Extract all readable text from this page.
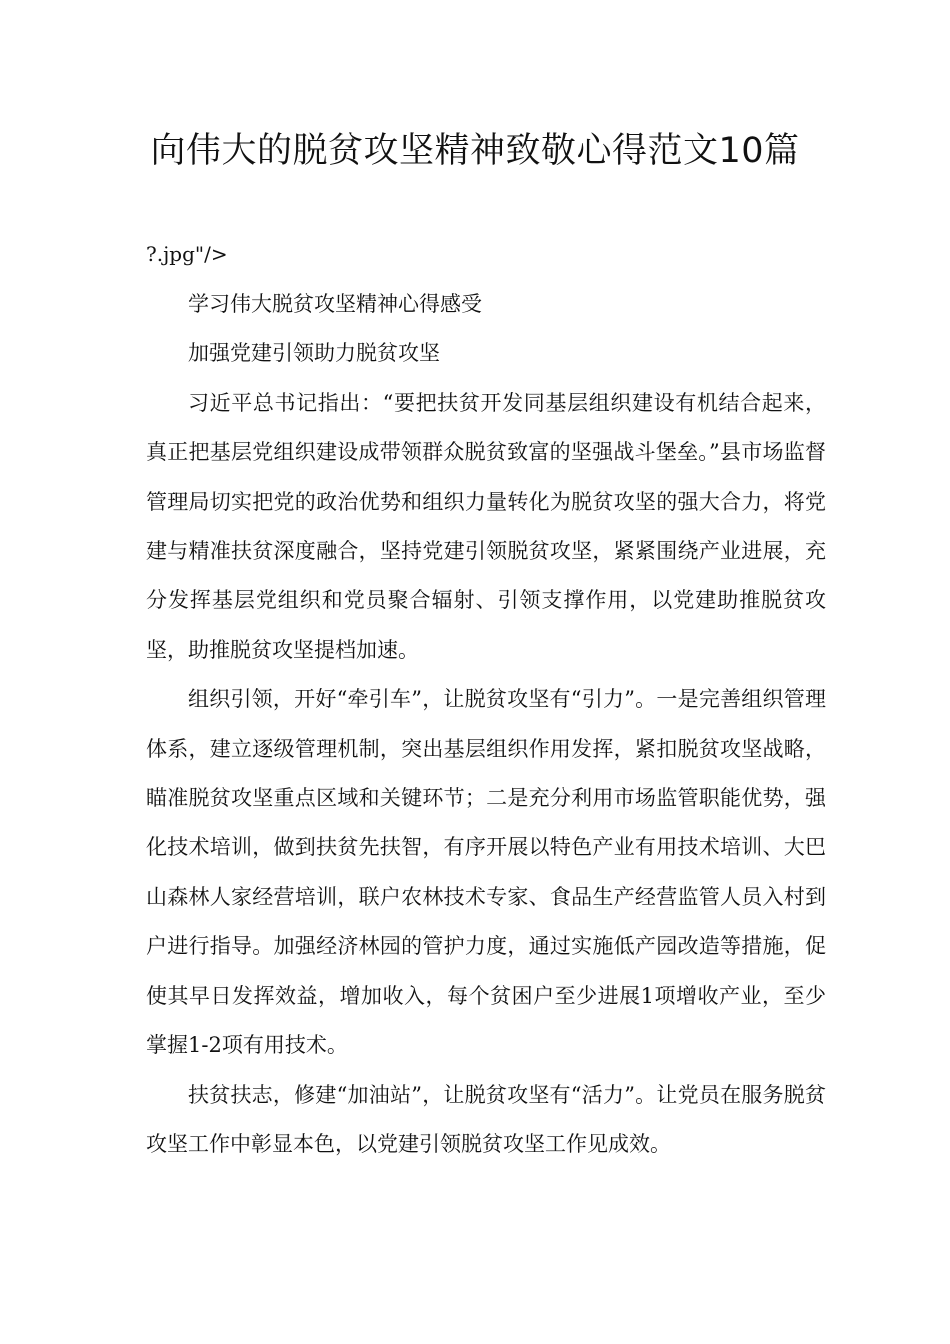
向伟大的脱贫攻坚精神致敬心得范文10篇
?.jpg"/>

学习伟大脱贫攻坚精神心得感受

加强党建引领助力脱贫攻坚

习近平总书记指出：“要把扶贫开发同基层组织建设有机结合起来，真正把基层党组织建设成带领群众脱贫致富的坚强战斗堡垒。”县市场监督管理局切实把党的政治优势和组织力量转化为脱贫攻坚的强大合力，将党建与精准扶贫深度融合，坚持党建引领脱贫攻坚，紧紧围绕产业进展，充分发挥基层党组织和党员聚合辐射、引领支撑作用，以党建助推脱贫攻坚，助推脱贫攻坚提档加速。

组织引领，开好“牵引车”，让脱贫攻坚有“引力”。一是完善组织管理体系，建立逐级管理机制，突出基层组织作用发挥，紧扣脱贫攻坚战略，瞄准脱贫攻坚重点区域和关键环节；二是充分利用市场监管职能优势，强化技术培训，做到扶贫先扶智，有序开展以特色产业有用技术培训、大巴山森林人家经营培训，联户农林技术专家、食品生产经营监管人员入村到户进行指导。加强经济林园的管护力度，通过实施低产园改造等措施，促使其早日发挥效益，增加收入，每个贫困户至少进展1项增收产业，至少掌握1-2项有用技术。

扶贫扶志，修建“加油站”，让脱贫攻坚有“活力”。让党员在服务脱贫攻坚工作中彰显本色，以党建引领脱贫攻坚工作见成效。
